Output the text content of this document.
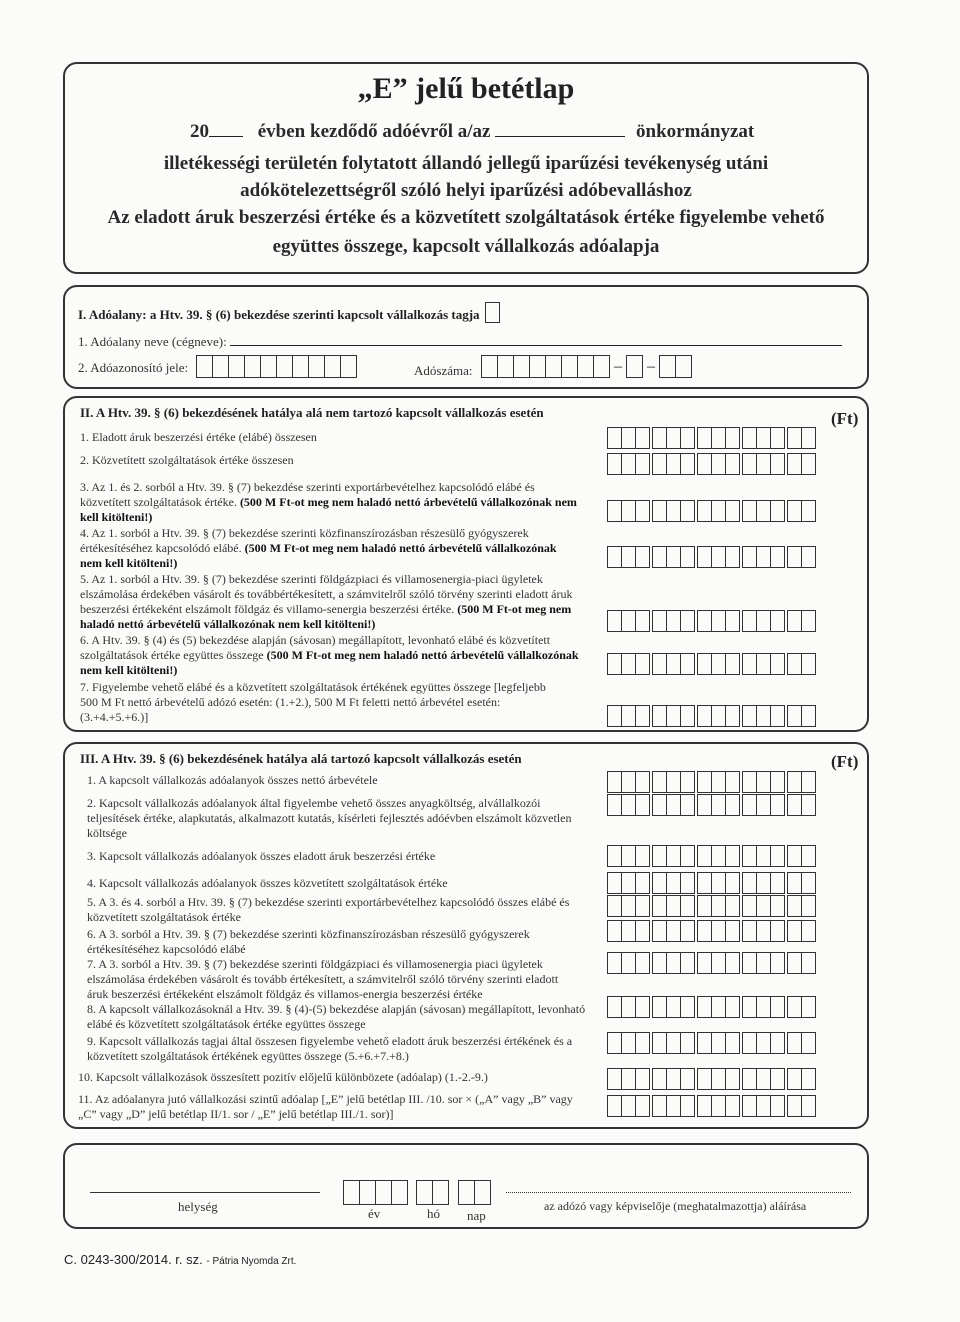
„E” jelű betétlap
20	évben kezdődő adóévről a/az	önkormányzat
illetékességi területén folytatott állandó jellegű iparűzési tevékenység utáni
adókötelezettségről szóló helyi iparűzési adóbevalláshoz
Az eladott áruk beszerzési értéke és a közvetített szolgáltatások értéke figyelembe vehető
együttes összege, kapcsolt vállalkozás adóalapja
I. Adóalany: a Htv. 39. § (6) bekezdése szerinti kapcsolt vállalkozás tagja
1. Adóalany neve (cégneve):
2. Adóazonosító jele:	Adószáma:	– –
II. A Htv. 39. § (6) bekezdésének hatálya alá nem tartozó kapcsolt vállalkozás esetén	(Ft)
1. Eladott áruk beszerzési értéke (elábé) összesen
2. Közvetített szolgáltatások értéke összesen
3. Az 1. és 2. sorból a Htv. 39. § (7) bekezdése szerinti exportárbevételhez kapcsolódó elábé és közvetített szolgáltatások értéke. (500 M Ft-ot meg nem haladó nettó árbevételű vállalkozónak nem kell kitölteni!)
4. Az 1. sorból a Htv. 39. § (7) bekezdése szerinti közfinanszírozásban részesülő gyógyszerek értékesítéséhez kapcsolódó elábé. (500 M Ft-ot meg nem haladó nettó árbevételű vállalkozónak nem kell kitölteni!)
5. Az 1. sorból a Htv. 39. § (7) bekezdése szerinti földgázpiaci és villamosenergia-piaci ügyletek elszámolása érdekében vásárolt és továbbértékesített, a számvitelről szóló törvény szerinti eladott áruk beszerzési értékeként elszámolt földgáz és villamo-senergia beszerzési értéke. (500 M Ft-ot meg nem haladó nettó árbevételű vállalkozónak nem kell kitölteni!)
6. A Htv. 39. § (4) és (5) bekezdése alapján (sávosan) megállapított, levonható elábé és közvetített szolgáltatások értéke együttes összege (500 M Ft-ot meg nem haladó nettó árbevételű vállalkozónak nem kell kitölteni!)
7. Figyelembe vehető elábé és a közvetített szolgáltatások értékének együttes összege [legfeljebb 500 M Ft nettó árbevételű adózó esetén: (1.+2.), 500 M Ft feletti nettó árbevétel esetén: (3.+4.+5.+6.)]
III. A Htv. 39. § (6) bekezdésének hatálya alá tartozó kapcsolt vállalkozás esetén	(Ft)
1. A kapcsolt vállalkozás adóalanyok összes nettó árbevétele
2. Kapcsolt vállalkozás adóalanyok által figyelembe vehető összes anyagköltség, alvállalkozói teljesítések értéke, alapkutatás, alkalmazott kutatás, kísérleti fejlesztés adóévben elszámolt közvetlen költsége
3. Kapcsolt vállalkozás adóalanyok összes eladott áruk beszerzési értéke
4. Kapcsolt vállalkozás adóalanyok összes közvetített szolgáltatások értéke
5. A 3. és 4. sorból a Htv. 39. § (7) bekezdése szerinti exportárbevételhez kapcsolódó összes elábé és közvetített szolgáltatások értéke
6. A 3. sorból a Htv. 39. § (7) bekezdése szerinti közfinanszírozásban részesülő gyógyszerek értékesítéséhez kapcsolódó elábé
7. A 3. sorból a Htv. 39. § (7) bekezdése szerinti földgázpiaci és villamosenergia piaci ügyletek elszámolása érdekében vásárolt és tovább értékesített, a számvitelről szóló törvény szerinti eladott áruk beszerzési értékeként elszámolt földgáz és villamos-energia beszerzési értéke
8. A kapcsolt vállalkozásoknál a Htv. 39. § (4)-(5) bekezdése alapján (sávosan) megállapított, levonható elábé és közvetített szolgáltatások értéke együttes összege
9. Kapcsolt vállalkozás tagjai által összesen figyelembe vehető eladott áruk beszerzési értékének és a közvetített szolgáltatások értékének együttes összege (5.+6.+7.+8.)
10. Kapcsolt vállalkozások összesített pozitív előjelű különbözete (adóalap) (1.-2.-9.)
11. Az adóalanyra jutó vállalkozási szintű adóalap [„E” jelű betétlap III. /10. sor × („A” vagy „B” vagy „C” vagy „D” jelű betétlap II/1. sor / „E” jelű betétlap III./1. sor)]
helység	év	hó nap
az adózó vagy képviselője (meghatalmazottja) aláírása
C. 0243-300/2014. r. sz. - Pátria Nyomda Zrt.
